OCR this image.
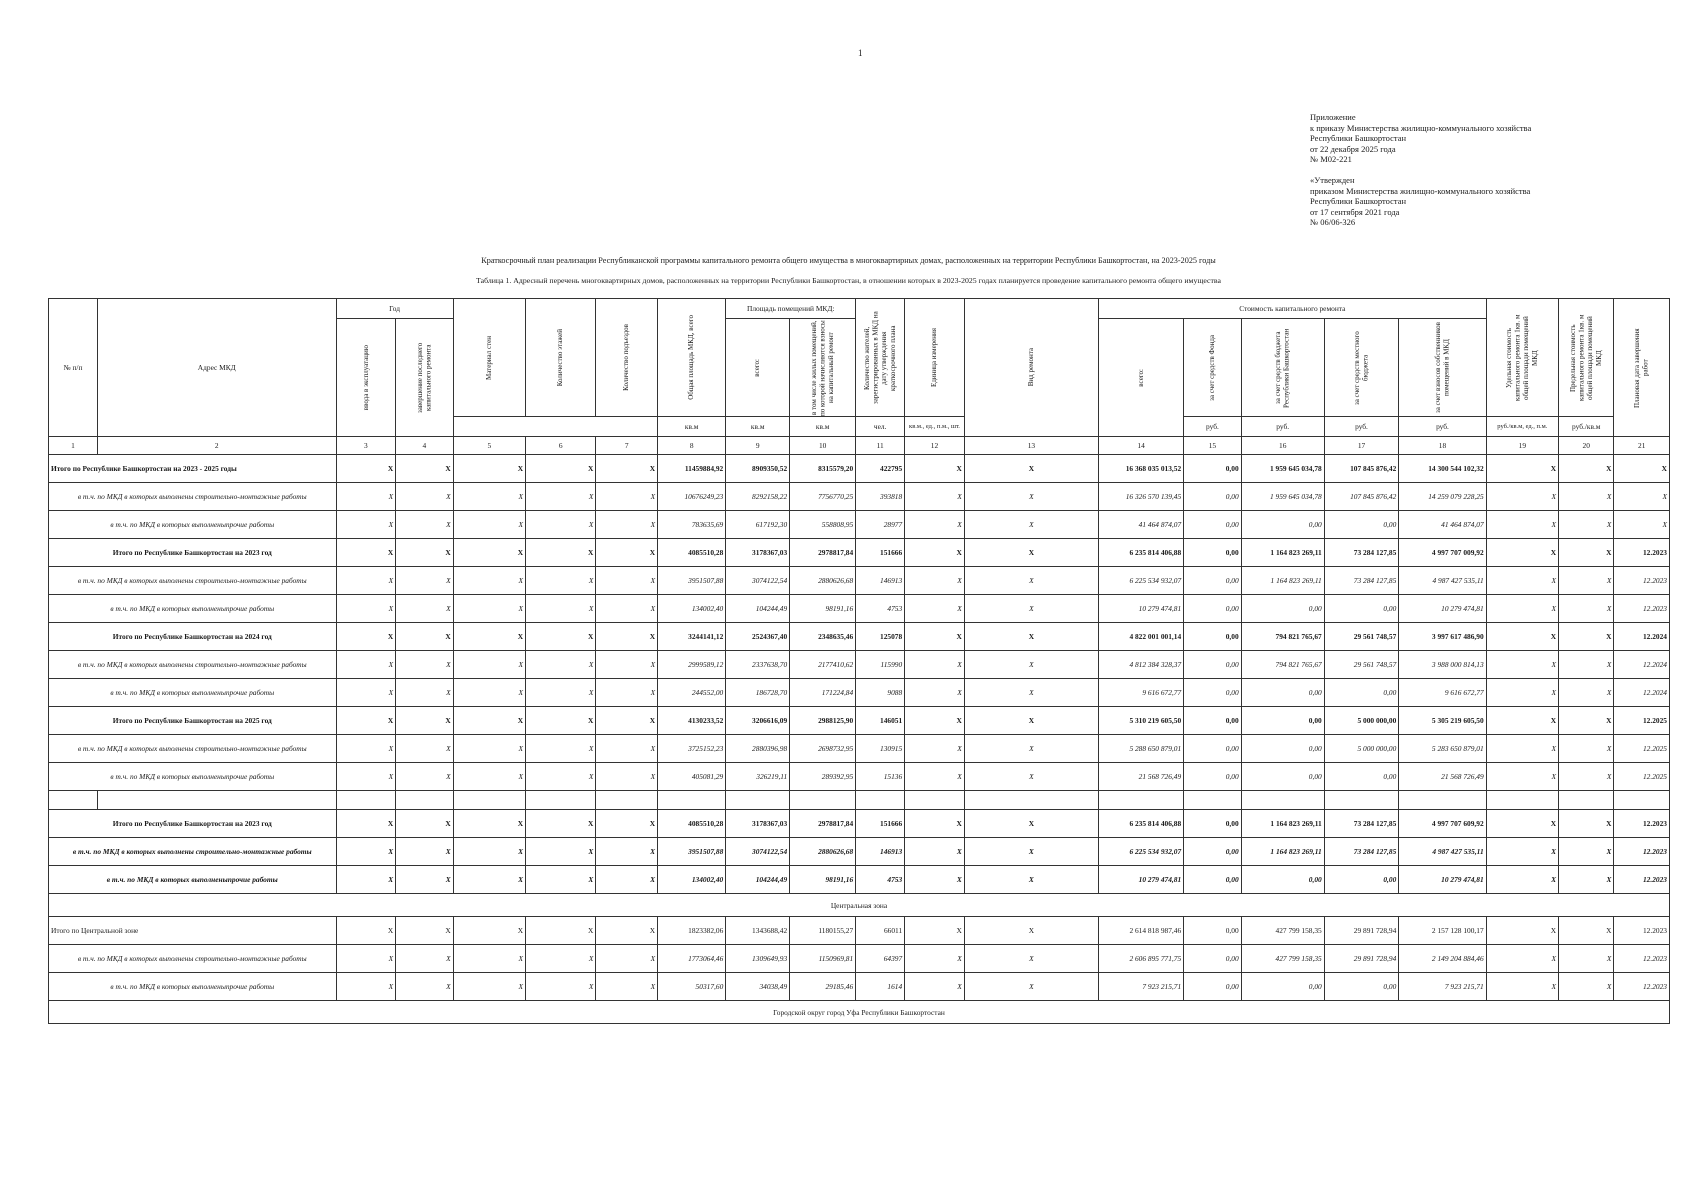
1
Приложение
к приказу Министерства жилищно-коммунального хозяйства
Республики Башкортостан
от 22 декабря 2025 года
№ М02-221
«Утвержден
приказом Министерства жилищно-коммунального хозяйства
Республики Башкортостан
от 17 сентября 2021 года
№ 06/06-326
Краткосрочный план реализации Республиканской программы капитального ремонта общего имущества в многоквартирных домах, расположенных на территории Республики Башкортостан, на 2023-2025 годы
Таблица 1. Адресный перечень многоквартирных домов, расположенных на территории Республики Башкортостан, в отношении которых в 2023-2025 годах планируется проведение капитального ремонта общего имущества
№ п/п	Адрес МКД	Год		Материал стен	Количество этажей	Количество подъездов	Общая площадь МКД, всего	Площадь помещений МКД:		Количество жителей, зарегистрированных в МКД на дату утверждения краткосрочного плана	Единица измерения	Вид ремонта	Стоимость капитального ремонта					Удельная стоимость капитального ремонта 1кв. м общей площади помещений МКД	Предельная стоимость капитального ремонта 1кв. м общей площади помещений МКД	Плановая дата завершения работ

		ввода в эксплуатацию	завершение последнего капитального ремонта					всего:	в том числе жилых помещений, по которой начисляются взносы на капитальный ремонт				всего:	за счет средств Фонда	за счет средств бюджета Республики Башкортостан	за счет средств местного бюджета	за счет взносов собственников помещений в МКД			

							кв.м	кв.м	кв.м	чел.	кв.м., ед., п.м., шт.			руб.	руб.	руб.	руб.	руб./кв.м, ед., п.м.	руб./кв.м	
1	2	3	4	5	6	7	8	9	10	11	12	13	14	15	16	17	18	19	20	21
Итого по Республике Башкортостан на 2023 - 2025 годы		X	X	X	X	X	11459884,92	8909350,52	8315579,20	422795	X	X	16 368 035 013,52	0,00	1 959 645 034,78	107 845 876,42	14 300 544 102,32	X	X	X
в т.ч. по МКД в которых выполнены строительно-монтажные работы		X	X	X	X	X	10676249,23	8292158,22	7756770,25	393818	X	X	16 326 570 139,45	0,00	1 959 645 034,78	107 845 876,42	14 259 079 228,25	X	X	X
в т.ч. по МКД в которых выполненыпрочие работы		X	X	X	X	X	783635,69	617192,30	558808,95	28977	X	X	41 464 874,07	0,00	0,00	0,00	41 464 874,07	X	X	X
Итого по Республике Башкортостан на 2023 год		X	X	X	X	X	4085510,28	3178367,03	2978817,84	151666	X	X	6 235 814 406,88	0,00	1 164 823 269,11	73 284 127,85	4 997 707 009,92	X	X	12.2023
в т.ч. по МКД в которых выполнены строительно-монтажные работы		X	X	X	X	X	3951507,88	3074122,54	2880626,68	146913	X	X	6 225 534 932,07	0,00	1 164 823 269,11	73 284 127,85	4 987 427 535,11	X	X	12.2023
в т.ч. по МКД в которых выполненыпрочие работы		X	X	X	X	X	134002,40	104244,49	98191,16	4753	X	X	10 279 474,81	0,00	0,00	0,00	10 279 474,81	X	X	12.2023
Итого по Республике Башкортостан на 2024 год		X	X	X	X	X	3244141,12	2524367,40	2348635,46	125078	X	X	4 822 001 001,14	0,00	794 821 765,67	29 561 748,57	3 997 617 486,90	X	X	12.2024
в т.ч. по МКД в которых выполнены строительно-монтажные работы		X	X	X	X	X	2999589,12	2337638,70	2177410,62	115990	X	X	4 812 384 328,37	0,00	794 821 765,67	29 561 748,57	3 988 000 814,13	X	X	12.2024
в т.ч. по МКД в которых выполненыпрочие работы		X	X	X	X	X	244552,00	186728,70	171224,84	9088	X	X	9 616 672,77	0,00	0,00	0,00	9 616 672,77	X	X	12.2024
Итого по Республике Башкортостан на 2025 год		X	X	X	X	X	4130233,52	3206616,09	2988125,90	146051	X	X	5 310 219 605,50	0,00	0,00	5 000 000,00	5 305 219 605,50	X	X	12.2025
в т.ч. по МКД в которых выполнены строительно-монтажные работы		X	X	X	X	X	3725152,23	2880396,98	2698732,95	130915	X	X	5 288 650 879,01	0,00	0,00	5 000 000,00	5 283 650 879,01	X	X	12.2025
в т.ч. по МКД в которых выполненыпрочие работы		X	X	X	X	X	405081,29	326219,11	289392,95	15136	X	X	21 568 726,49	0,00	0,00	0,00	21 568 726,49	X	X	12.2025

Итого по Республике Башкортостан на 2023 год		X	X	X	X	X	4085510,28	3178367,03	2978817,84	151666	X	X	6 235 814 406,88	0,00	1 164 823 269,11	73 284 127,85	4 997 707 609,92	X	X	12.2023
в т.ч. по МКД в которых выполнены строительно-монтажные работы		X	X	X	X	X	3951507,88	3074122,54	2880626,68	146913	X	X	6 225 534 932,07	0,00	1 164 823 269,11	73 284 127,85	4 987 427 535,11	X	X	12.2023
в т.ч. по МКД в которых выполненыпрочие работы		X	X	X	X	X	134002,40	104244,49	98191,16	4753	X	X	10 279 474,81	0,00	0,00	0,00	10 279 474,81	X	X	12.2023
Центральная зона																				
Итого по Центральной зоне		X	X	X	X	X	1823382,06	1343688,42	1180155,27	66011	X	X	2 614 818 987,46	0,00	427 799 158,35	29 891 728,94	2 157 128 100,17	X	X	12.2023
в т.ч. по МКД в которых выполнены строительно-монтажные работы		X	X	X	X	X	1773064,46	1309649,93	1150969,81	64397	X	X	2 606 895 771,75	0,00	427 799 158,35	29 891 728,94	2 149 204 884,46	X	X	12.2023
в т.ч. по МКД в которых выполненыпрочие работы		X	X	X	X	X	50317,60	34038,49	29185,46	1614	X	X	7 923 215,71	0,00	0,00	0,00	7 923 215,71	X	X	12.2023
Городской округ город Уфа Республики Башкортостан																				
